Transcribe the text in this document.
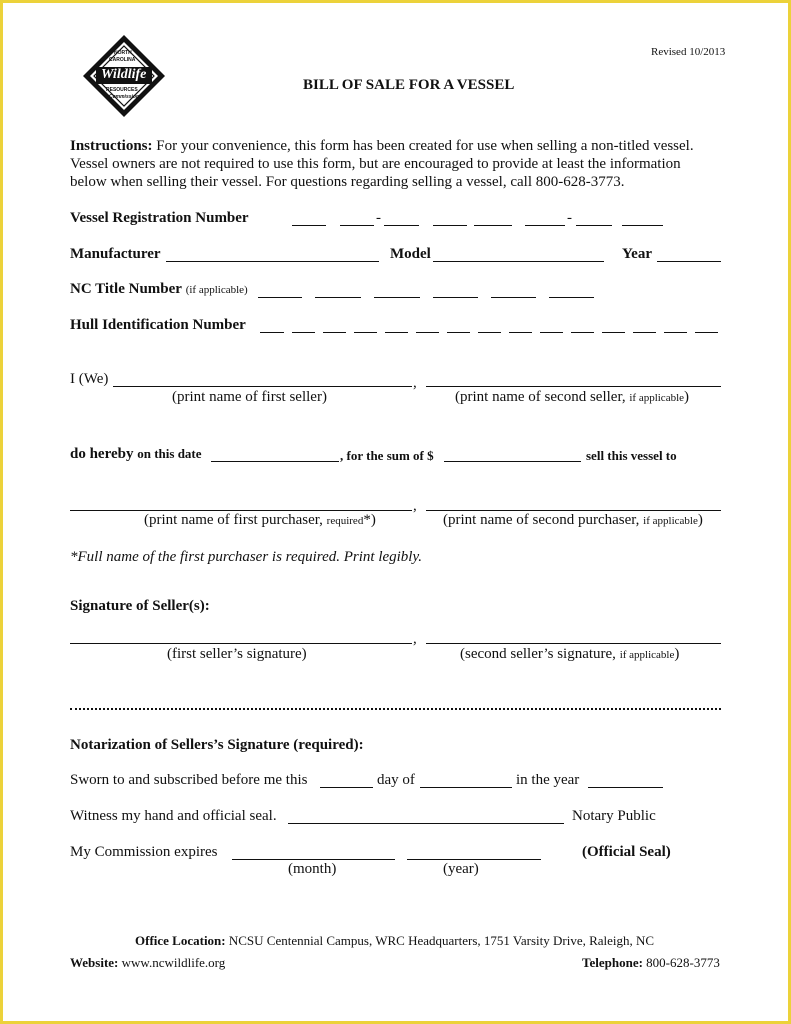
NORTH
CAROLINA
Wildlife
RESOURCES
Commission
Revised 10/2013
BILL OF SALE FOR A VESSEL
Instructions: For your convenience, this form has been created for use when selling a non-titled vessel.
Vessel owners are not required to use this form, but are encouraged to provide at least the information
below when selling their vessel. For questions regarding selling a vessel, call 800-628-3773.
Vessel Registration Number	-	-
Manufacturer	Model	Year
NC Title Number (if applicable)
Hull Identification Number
I (We)	,
(print name of first seller)	(print name of second seller, if applicable)
do hereby on this date	, for the sum of $	sell this vessel to
,
(print name of first purchaser, required*)	(print name of second purchaser, if applicable)
*Full name of the first purchaser is required. Print legibly.
Signature of Seller(s):
,
(first seller’s signature)	(second seller’s signature, if applicable)
Notarization of Sellers’s Signature (required):
Sworn to and subscribed before me this	day of	in the year
Witness my hand and official seal.	Notary Public
My Commission expires	(Official Seal)
(month)	(year)
Office Location: NCSU Centennial Campus, WRC Headquarters, 1751 Varsity Drive, Raleigh, NC
Website: www.ncwildlife.org	Telephone: 800-628-3773
